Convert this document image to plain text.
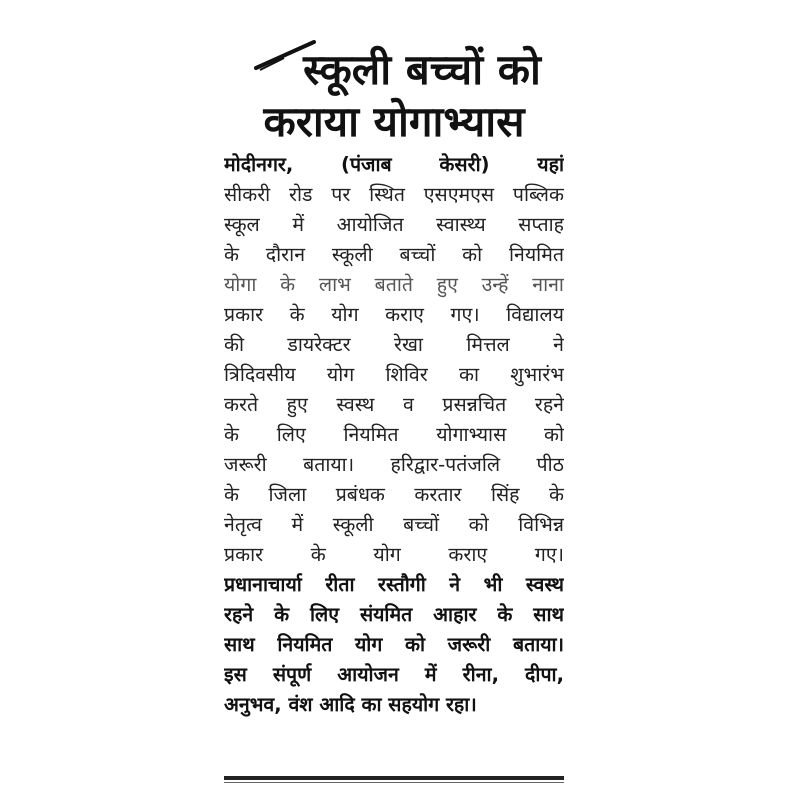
स्कूली बच्चों को
कराया योगाभ्यास
मोदीनगर, (पंजाब केसरी) यहां
सीकरी रोड पर स्थित एसएमएस पब्लिक
स्कूल में आयोजित स्वास्थ्य सप्ताह
के दौरान स्कूली बच्चों को नियमित
योगा के लाभ बताते हुए उन्हें नाना
प्रकार के योग कराए गए। विद्यालय
की डायरेक्टर रेखा मित्तल ने
त्रिदिवसीय योग शिविर का शुभारंभ
करते हुए स्वस्थ व प्रसन्नचित रहने
के लिए नियमित योगाभ्यास को
जरूरी बताया। हरिद्वार-पतंजलि पीठ
के जिला प्रबंधक करतार सिंह के
नेतृत्व में स्कूली बच्चों को विभिन्न
प्रकार के योग कराए गए।
प्रधानाचार्या रीता रस्तौगी ने भी स्वस्थ
रहने के लिए संयमित आहार के साथ
साथ नियमित योग को जरूरी बताया।
इस संपूर्ण आयोजन में रीना, दीपा,
अनुभव, वंश आदि का सहयोग रहा।
